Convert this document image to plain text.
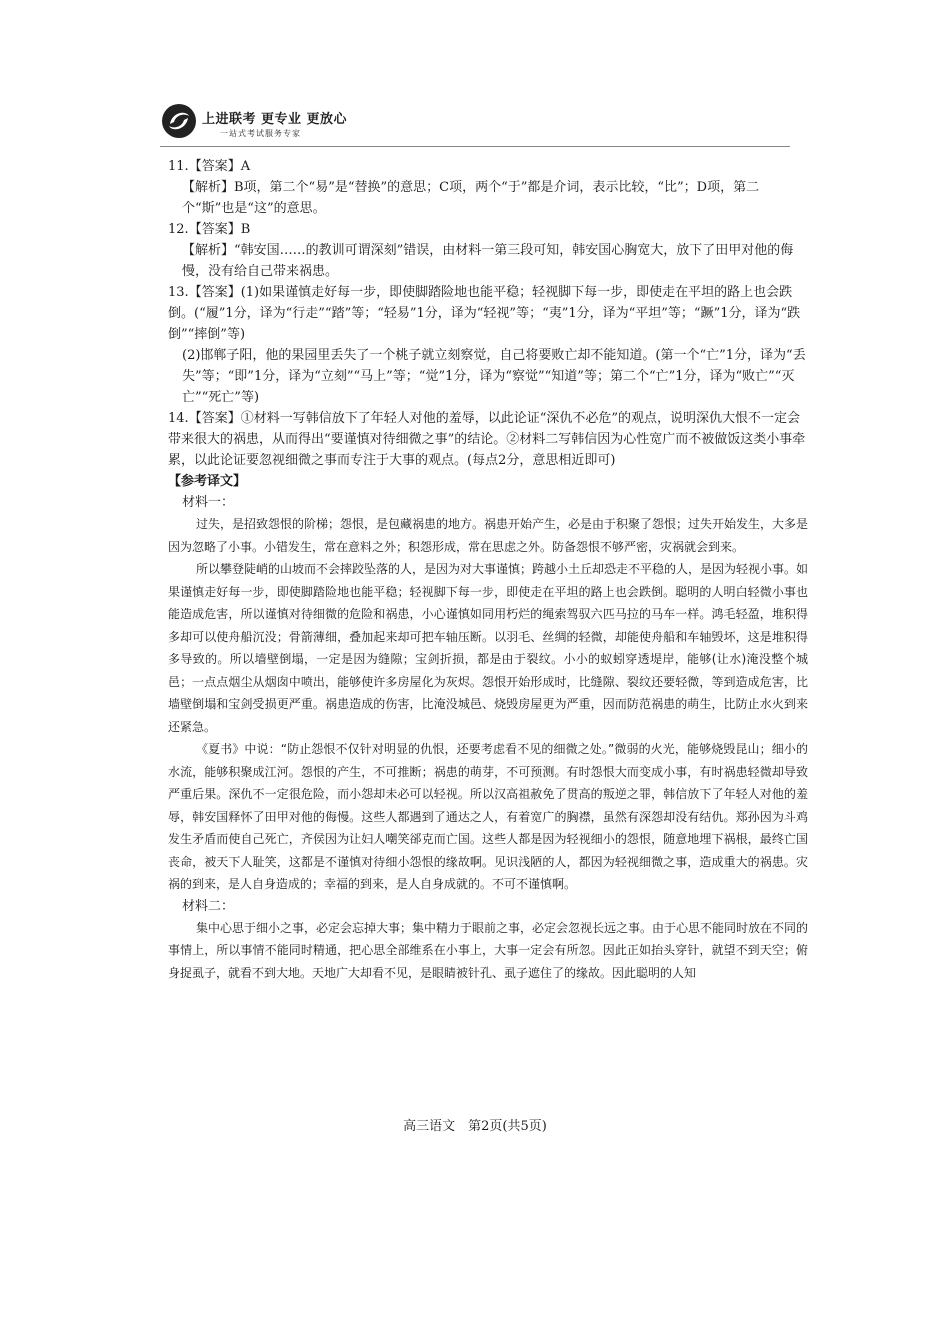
上进联考 更专业 更放心
一站式考试服务专家

11.【答案】A

【解析】B项，第二个“易”是“替换”的意思；C项，两个“于”都是介词，表示比较，“比”；D项，第二个“斯”也是“这”的意思。

12.【答案】B

【解析】“韩安国……的教训可谓深刻”错误，由材料一第三段可知，韩安国心胸宽大，放下了田甲对他的侮慢，没有给自己带来祸患。

13.【答案】(1)如果谨慎走好每一步，即使脚踏险地也能平稳；轻视脚下每一步，即使走在平坦的路上也会跌倒。(“履”1分，译为“行走”“踏”等；“轻易”1分，译为“轻视”等；“夷”1分，译为“平坦”等；“蹶”1分，译为“跌倒”“摔倒”等)

(2)邯郸子阳，他的果园里丢失了一个桃子就立刻察觉，自己将要败亡却不能知道。(第一个“亡”1分，译为“丢失”等；“即”1分，译为“立刻”“马上”等；“觉”1分，译为“察觉”“知道”等；第二个“亡”1分，译为“败亡”“灭亡”“死亡”等)

14.【答案】①材料一写韩信放下了年轻人对他的羞辱，以此论证“深仇不必危”的观点，说明深仇大恨不一定会带来很大的祸患，从而得出“要谨慎对待细微之事”的结论。②材料二写韩信因为心性宽广而不被做饭这类小事牵累，以此论证要忽视细微之事而专注于大事的观点。(每点2分，意思相近即可)

【参考译文】

材料一：

过失，是招致怨恨的阶梯；怨恨，是包藏祸患的地方。祸患开始产生，必是由于积聚了怨恨；过失开始发生，大多是因为忽略了小事。小错发生，常在意料之外；积怨形成，常在思虑之外。防备怨恨不够严密，灾祸就会到来。

所以攀登陡峭的山坡而不会摔跤坠落的人，是因为对大事谨慎；跨越小土丘却恐走不平稳的人，是因为轻视小事。如果谨慎走好每一步，即使脚踏险地也能平稳；轻视脚下每一步，即使走在平坦的路上也会跌倒。聪明的人明白轻微小事也能造成危害，所以谨慎对待细微的危险和祸患，小心谨慎如同用朽烂的绳索驾驭六匹马拉的马车一样。鸿毛轻盈，堆积得多却可以使舟船沉没；骨箭薄细，叠加起来却可把车轴压断。以羽毛、丝绸的轻微，却能使舟船和车轴毁坏，这是堆积得多导致的。所以墙壁倒塌，一定是因为缝隙；宝剑折损，都是由于裂纹。小小的蚁蚓穿透堤岸，能够(让水)淹没整个城邑；一点点烟尘从烟囱中喷出，能够使许多房屋化为灰烬。怨恨开始形成时，比缝隙、裂纹还要轻微，等到造成危害，比墙壁倒塌和宝剑受损更严重。祸患造成的伤害，比淹没城邑、烧毁房屋更为严重，因而防范祸患的萌生，比防止水火到来还紧急。

《夏书》中说：“防止怨恨不仅针对明显的仇恨，还要考虑看不见的细微之处。”微弱的火光，能够烧毁昆山；细小的水流，能够积聚成江河。怨恨的产生，不可推断；祸患的萌芽，不可预测。有时怨恨大而变成小事，有时祸患轻微却导致严重后果。深仇不一定很危险，而小怨却未必可以轻视。所以汉高祖赦免了贯高的叛逆之罪，韩信放下了年轻人对他的羞辱，韩安国释怀了田甲对他的侮慢。这些人都遇到了通达之人，有着宽广的胸襟，虽然有深怨却没有结仇。郑孙因为斗鸡发生矛盾而使自己死亡，齐侯因为让妇人嘲笑郤克而亡国。这些人都是因为轻视细小的怨恨，随意地埋下祸根，最终亡国丧命，被天下人耻笑，这都是不谨慎对待细小怨恨的缘故啊。见识浅陋的人，都因为轻视细微之事，造成重大的祸患。灾祸的到来，是人自身造成的；幸福的到来，是人自身成就的。不可不谨慎啊。

材料二：

集中心思于细小之事，必定会忘掉大事；集中精力于眼前之事，必定会忽视长远之事。由于心思不能同时放在不同的事情上，所以事情不能同时精通，把心思全部维系在小事上，大事一定会有所忽。因此正如抬头穿针，就望不到天空；俯身捉虱子，就看不到大地。天地广大却看不见，是眼睛被针孔、虱子遮住了的缘故。因此聪明的人知

高三语文　第2页(共5页)
